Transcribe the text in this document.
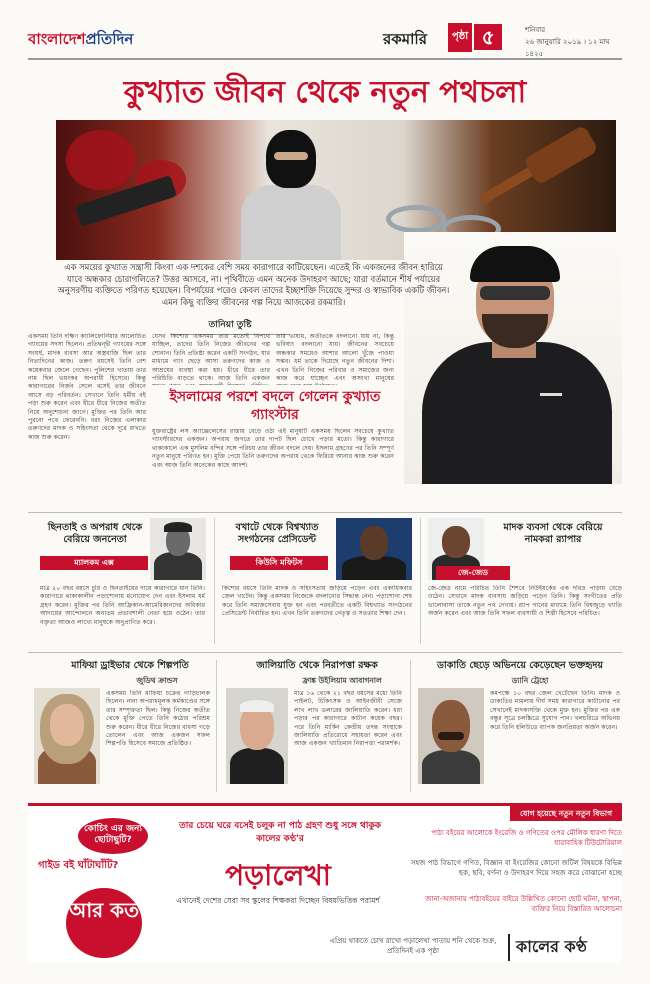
বাংলাদেশপ্রতিদিন	রকমারি	পৃষ্ঠা ৫	শনিবার
২৬ জানুয়ারি ২০১৯ । ১২ মাঘ ১৪২৫
কুখ্যাত জীবন থেকে নতুন পথচলা
এক সময়ের কুখ্যাত সন্ত্রাসী কিংবা এক দশকের বেশি সময় কারাগারে কাটিয়েছেন। এতেই কি একজনের জীবন হারিয়ে যাবে অন্ধকার চোরাগলিতে? উত্তর আসবে, না। পৃথিবীতে এমন অনেক উদাহরণ আছে; যারা বর্তমানে শীর্ষ পর্যায়ের অনুসরণীয় ব্যক্তিতে পরিণত হয়েছেন। বিপর্যয়ের পরেও কেবল তাদের ইচ্ছাশক্তি দিয়েছে সুন্দর ও স্বাভাবিক একটি জীবন। এমন কিছু ব্যক্তির জীবনের গল্প নিয়ে আজকের রকমারি।
তানিয়া তুষ্টি
একসময় তিনি দক্ষিণ ক্যালিফোর্নিয়ার আলোচিত গ্যাংয়ের সদস্য ছিলেন। প্রতিদ্বন্দ্বী গ্যাংয়ের সঙ্গে সংঘর্ষ, মাদক ব্যবসা আর অস্ত্রবাজি ছিল তার নিত্যদিনের কাজ। তরুণ বয়সেই তিনি বেশ কয়েকবার জেলে গেছেন। পুলিশের খাতায় তার নাম ছিল ভয়ংকর অপরাধী হিসেবে। কিন্তু কারাগারের নির্জন সেলে বসেই তার জীবনে আসে বড় পরিবর্তন। সেখানে তিনি ধর্মীয় বই পড়া শুরু করেন এবং ধীরে ধীরে নিজের অতীত নিয়ে অনুশোচনা জাগে। মুক্তির পর তিনি আর পুরনো পথে ফেরেননি। বরং নিজের এলাকার তরুণদের মাদক ও সহিংসতা থেকে দূরে রাখতে কাজ শুরু করেন।
যেসব কিশোর একসময় তার মতোই বিপথে যাচ্ছিল, তাদের তিনি নিজের জীবনের গল্প শোনান। তিনি প্রতিষ্ঠা করেন একটি সংগঠন, যার মাধ্যমে গ্যাং ছেড়ে আসা তরুণদের কাজ ও আশ্রয়ের ব্যবস্থা করা হয়। ধীরে ধীরে তার পরিচিতি বাড়তে থাকে। আজ তিনি একজন
তার ভাষায়, অতীতকে বদলানো যায় না, কিন্তু ভবিষ্যৎ বদলানো যায়। জীবনের সবচেয়ে অন্ধকার সময়েও আশার আলো খুঁজে পাওয়া সম্ভব। ধর্ম তাকে দিয়েছে নতুন জীবনের দিশা। এখন তিনি নিজের পরিবার ও সমাজের জন্য কাজ করে যাচ্ছেন এবং অসংখ্য মানুষের
ইসলামের পরশে বদলে গেলেন কুখ্যাত গ্যাংস্টার
যুক্তরাষ্ট্রের লস অ্যাঞ্জেলেসের রাস্তায় বেড়ে ওঠা এই মানুষটি একসময় ছিলেন সবচেয়ে কুখ্যাত গ্যাংস্টারদের একজন। অপরাধ জগতে তার দাপট ছিল চোখে পড়ার মতো। কিন্তু কারাগারে থাকাকালে এক মুসলিম বন্দির সঙ্গে পরিচয় তার জীবন বদলে দেয়। ইসলাম গ্রহণের পর তিনি সম্পূর্ণ নতুন মানুষে পরিণত হন। মুক্তি পেয়ে তিনি তরুণদের অপরাধ থেকে ফিরিয়ে আনার কাজ শুরু করেন এবং আজ তিনি অনেকের কাছে আদর্শ।
ছিনতাই ও অপরাধ থেকে বেরিয়ে জননেতা
ম্যালকম এক্স
মাত্র ২০ বছর বয়সে চুরি ও ছিনতাইয়ের দায়ে কারাগারে যান তিনি। কারাগারে থাকাকালীন পড়াশোনায় মনোযোগ দেন এবং ইসলাম ধর্ম গ্রহণ করেন। মুক্তির পর তিনি আফ্রিকান-আমেরিকানদের অধিকার আদায়ের আন্দোলনে অন্যতম প্রভাবশালী নেতা হয়ে ওঠেন। তার বক্তৃতা আজও লাখো মানুষকে অনুপ্রাণিত করে।
বখাটে থেকে বিশ্বখ্যাত সংগঠনের প্রেসিডেন্ট
কিউসি মফিটস
কিশোর বয়সে তিনি মাদক ও সহিংসতায় জড়িয়ে পড়েন এবং একাধিকবার জেল খাটেন। কিন্তু একসময় নিজেকে বদলানোর সিদ্ধান্ত নেন। পড়াশোনা শেষ করে তিনি সমাজসেবায় যুক্ত হন এবং পরবর্তীতে একটি বিশ্বখ্যাত সংগঠনের প্রেসিডেন্ট নির্বাচিত হন। এখন তিনি তরুণদের নেতৃত্ব ও সততার শিক্ষা দেন।
মাদক ব্যবসা থেকে বেরিয়ে নামকরা র‍্যাপার
জে-জেড
জে-জেড নামে পরিচিত তিনি শৈশবে নিউইয়র্কের এক দরিদ্র পাড়ায় বেড়ে ওঠেন। সেখানে মাদক ব্যবসায় জড়িয়ে পড়েন তিনি। কিন্তু সংগীতের প্রতি ভালোবাসা তাকে নতুন পথ দেখায়। র‍্যাপ গানের মাধ্যমে তিনি বিশ্বজুড়ে খ্যাতি অর্জন করেন এবং আজ তিনি সফল ব্যবসায়ী ও শিল্পী হিসেবে পরিচিত।
মাফিয়া ড্রাইভার থেকে শিল্পপতি
জুডিথ ক্রান্ডস
একসময় তিনি মাফিয়া চক্রের গাড়িচালক ছিলেন। নানা অপরাধমূলক কর্মকাণ্ডের সঙ্গে তার সম্পৃক্ততা ছিল। কিন্তু নিজের অতীত থেকে মুক্তি পেতে তিনি কঠোর পরিশ্রম শুরু করেন। ধীরে ধীরে নিজের ব্যবসা গড়ে তোলেন এবং আজ একজন সফল শিল্পপতি হিসেবে সমাজে প্রতিষ্ঠিত।
জালিয়াতি থেকে নিরাপত্তা রক্ষক
ফ্রাঙ্ক উইলিয়াম আবাগনাল
মাত্র ১৬ থেকে ২১ বছর বয়সের মধ্যে তিনি পাইলট, চিকিৎসক ও আইনজীবী সেজে লাখ লাখ ডলারের জালিয়াতি করেন। ধরা পড়ার পর কারাগারে কাটান কয়েক বছর। পরে তিনি মার্কিন কেন্দ্রীয় তদন্ত সংস্থাকে জালিয়াতি প্রতিরোধে সহায়তা করেন এবং আজ একজন খ্যাতিমান নিরাপত্তা পরামর্শক।
ডাকাতি ছেড়ে অভিনয়ে কেড়েছেন ভক্তহৃদয়
ড্যানি ট্রেহো
কমপক্ষে ১০ বছর জেল খেটেছেন তিনি। মাদক ও ডাকাতির মামলায় দীর্ঘ সময় কারাগারে কাটানোর পর সেখানেই মাদকাসক্তি থেকে মুক্ত হন। মুক্তির পর এক বন্ধুর সূত্রে চলচ্চিত্রে সুযোগ পান। খলচরিত্রে অভিনয় করে তিনি হলিউডে ব্যাপক জনপ্রিয়তা অর্জন করেন।
কোচিং এর জন্য ছোটাছুটি?
গাইড বই ঘাঁটাঘাঁটি?
আর কত
তার চেয়ে ঘরে বসেই চলুক না পাঠ গ্রহণ শুধু সঙ্গে থাকুক কালের কণ্ঠ'র
পড়ালেখা
এখানেই দেশের সেরা সব স্কুলের শিক্ষকরা দিচ্ছেন বিষয়ভিত্তিক পরামর্শ
যোগ হয়েছে নতুন নতুন বিভাগ
পাঠ্য বইয়ের আলোকে ইংরেজি ও গণিতের ওপর মৌলিক ধারণা দিতে ধারাবাহিক টিউটোরিয়াল
সহজ পাঠ বিভাগে গণিত, বিজ্ঞান বা ইংরেজির কোনো জটিল বিষয়কে বিভিন্ন ছক, ছবি, বর্ণনা ও উদাহরণ দিয়ে সহজ করে বোঝানো হচ্ছে
জানা-অজানায় পাঠ্যবইয়ের বাইরে উল্লিখিত কোনো ছোট ঘটনা, স্থাপনা, ব্যক্তির নিয়ে বিস্তারিত আলোচনা
এপ্রিয় থাকতে চোখ রাখো পড়ালেখা পাতায় শনি থেকে শুক্র, প্রতিদিনই এক পৃষ্ঠা	কালের কণ্ঠ
